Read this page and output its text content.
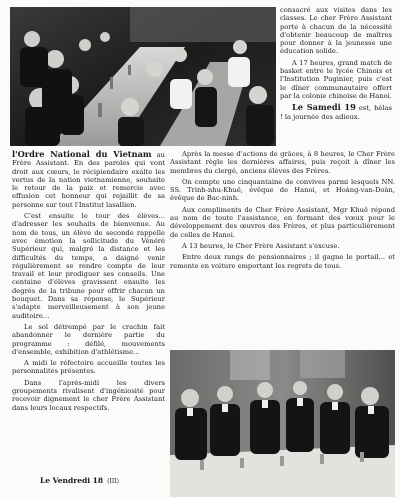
consacré aux visites dans les classes. Le cher Frère Assistant porte à chacun de la nécessité d'obtenir beaucoup de maîtres pour donner à la jeunesse une éducation solide.

A 17 heures, grand match de basket entre le lycée Chinois et l'Institution Puginier, puis c'est le dîner communautaire offert par la colonie chinoise de Hanoi.

Le Samedi 19 est, hélas ! la journée des adieux.

l'Ordre National du Vietnam au Frère Assistant. En des paroles qui vont droit aux cœurs, le récipiendaire exalte les vertus de la nation vietnamienne, souhaite le retour de la paix et remercie avec effusion cet honneur qui rejaillit de sa personne sur tout l'Institut lasallien.

C'est ensuite le tour des élèves... d'adresser les souhaits de bienvenue. Au nom de tous, un élève de seconde rappelle avec émotion la sollicitude du Vénéré Supérieur qui, malgré la distance et les difficultés du temps, a daigné venir régulièrement se rendre compte de leur travail et leur prodiguer ses conseils. Une centaine d'élèves gravissent ensuite les degrés de la tribune pour offrir chacun un bouquet. Dans sa réponse, le Supérieur s'adapte merveilleusement à son jeune auditoire...

Le sol détrempé par le crachin fait abandonner le dernière partie du programme : défilé, mouvements d'ensemble, exhibition d'athlétisme...

A midi le réfectoire accueille toutes les personnalités présentes.

Dans l'après-midi les divers groupements rivalisent d'ingéniosité pour recevoir dignement le cher Frère Assistant dans leurs locaux respectifs.

Après la messe d'actions de grâces, à 8 heures, le Cher Frère Assistant règle les dernières affaires, puis reçoit à dîner les membres du clergé, anciens élèves des Frères.

On compte une cinquantaine de convives parmi lesquels NN. SS. Trinh-nhu-Khuê, évêque de Hanoi, et Hoàng-van-Doàn, évêque de Bac-ninh.

Aux compliments de Cher Frère Assistant, Mgr Khuê répond au nom de toute l'assistance, en formant des vœux pour le développement des œuvres des Frères, et plus particulièrement de celles de Hanoi.

A 13 heures, le Cher Frère Assistant s'excuse.

Entre deux rangs de pensionnaires ; il gagne le portail... et remonte en voiture emportant les regrets de tous.

Le Vendredi 18 (III)
